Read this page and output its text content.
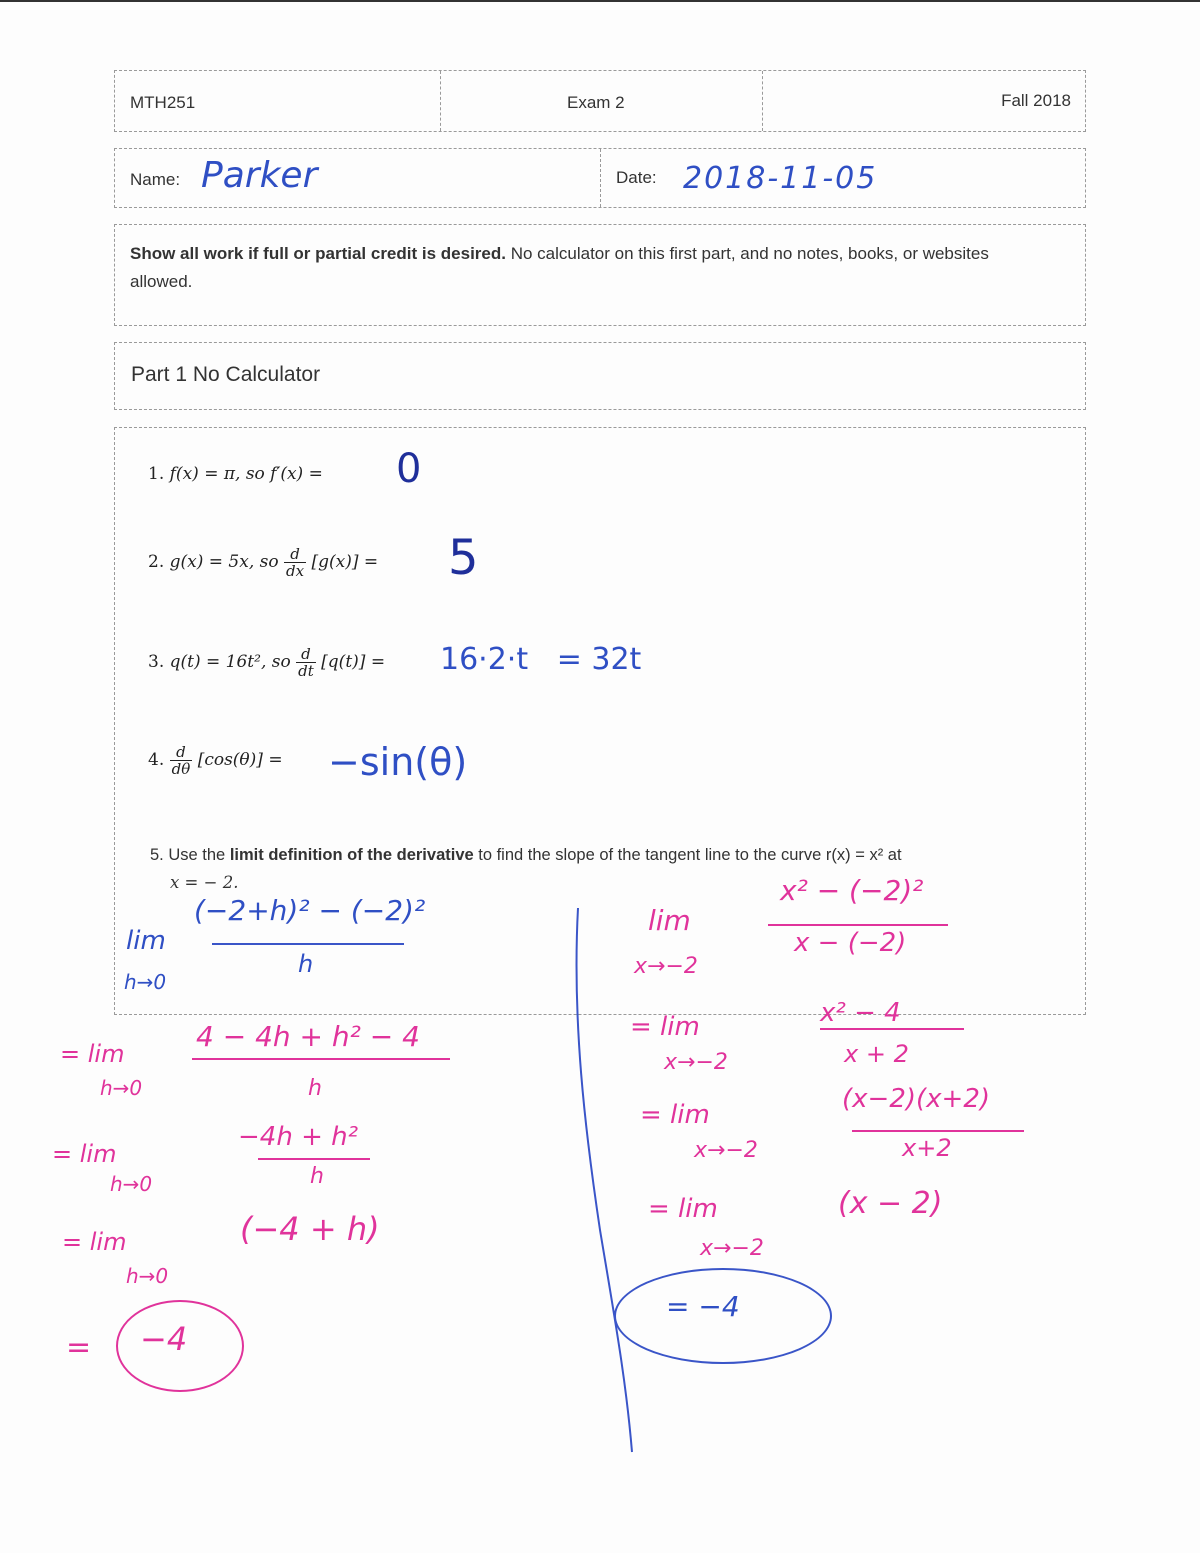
MTH251	Exam 2	Fall 2018
Name: Parker	Date: 2018-11-05

Show all work if full or partial credit is desired. No calculator on this first part, and no notes, books, or websites allowed.

Part 1 No Calculator
1. f(x) = π, so f′(x) = 0
2. g(x) = 5x, so $\frac{d}{dx} [g(x)] = 5$
3. q(t) = 16t², so $\frac{d}{dt} [q(t)] = 16\cdot 2\cdot t = 32t$
4. $\frac{d}{d\theta} [\cos(\theta)] = -\sin(\theta)$
5. Use the limit definition of the derivative to find the slope of the tangent line to the curve r(x) = x² at
x = − 2.
lim
h→0
(−2+h)² − (−2)²
h
= lim
h→0
4 − 4h + h² − 4
h
= lim
h→0
−4h + h²
h
= lim
h→0
(−4 + h)
= −4
lim
x→−2
x² − (−2)²
x − (−2)
= lim
x→−2
x² − 4
x + 2
= lim
x→−2
(x−2)(x+2)
x+2
= lim
x→−2
(x − 2)
= −4
